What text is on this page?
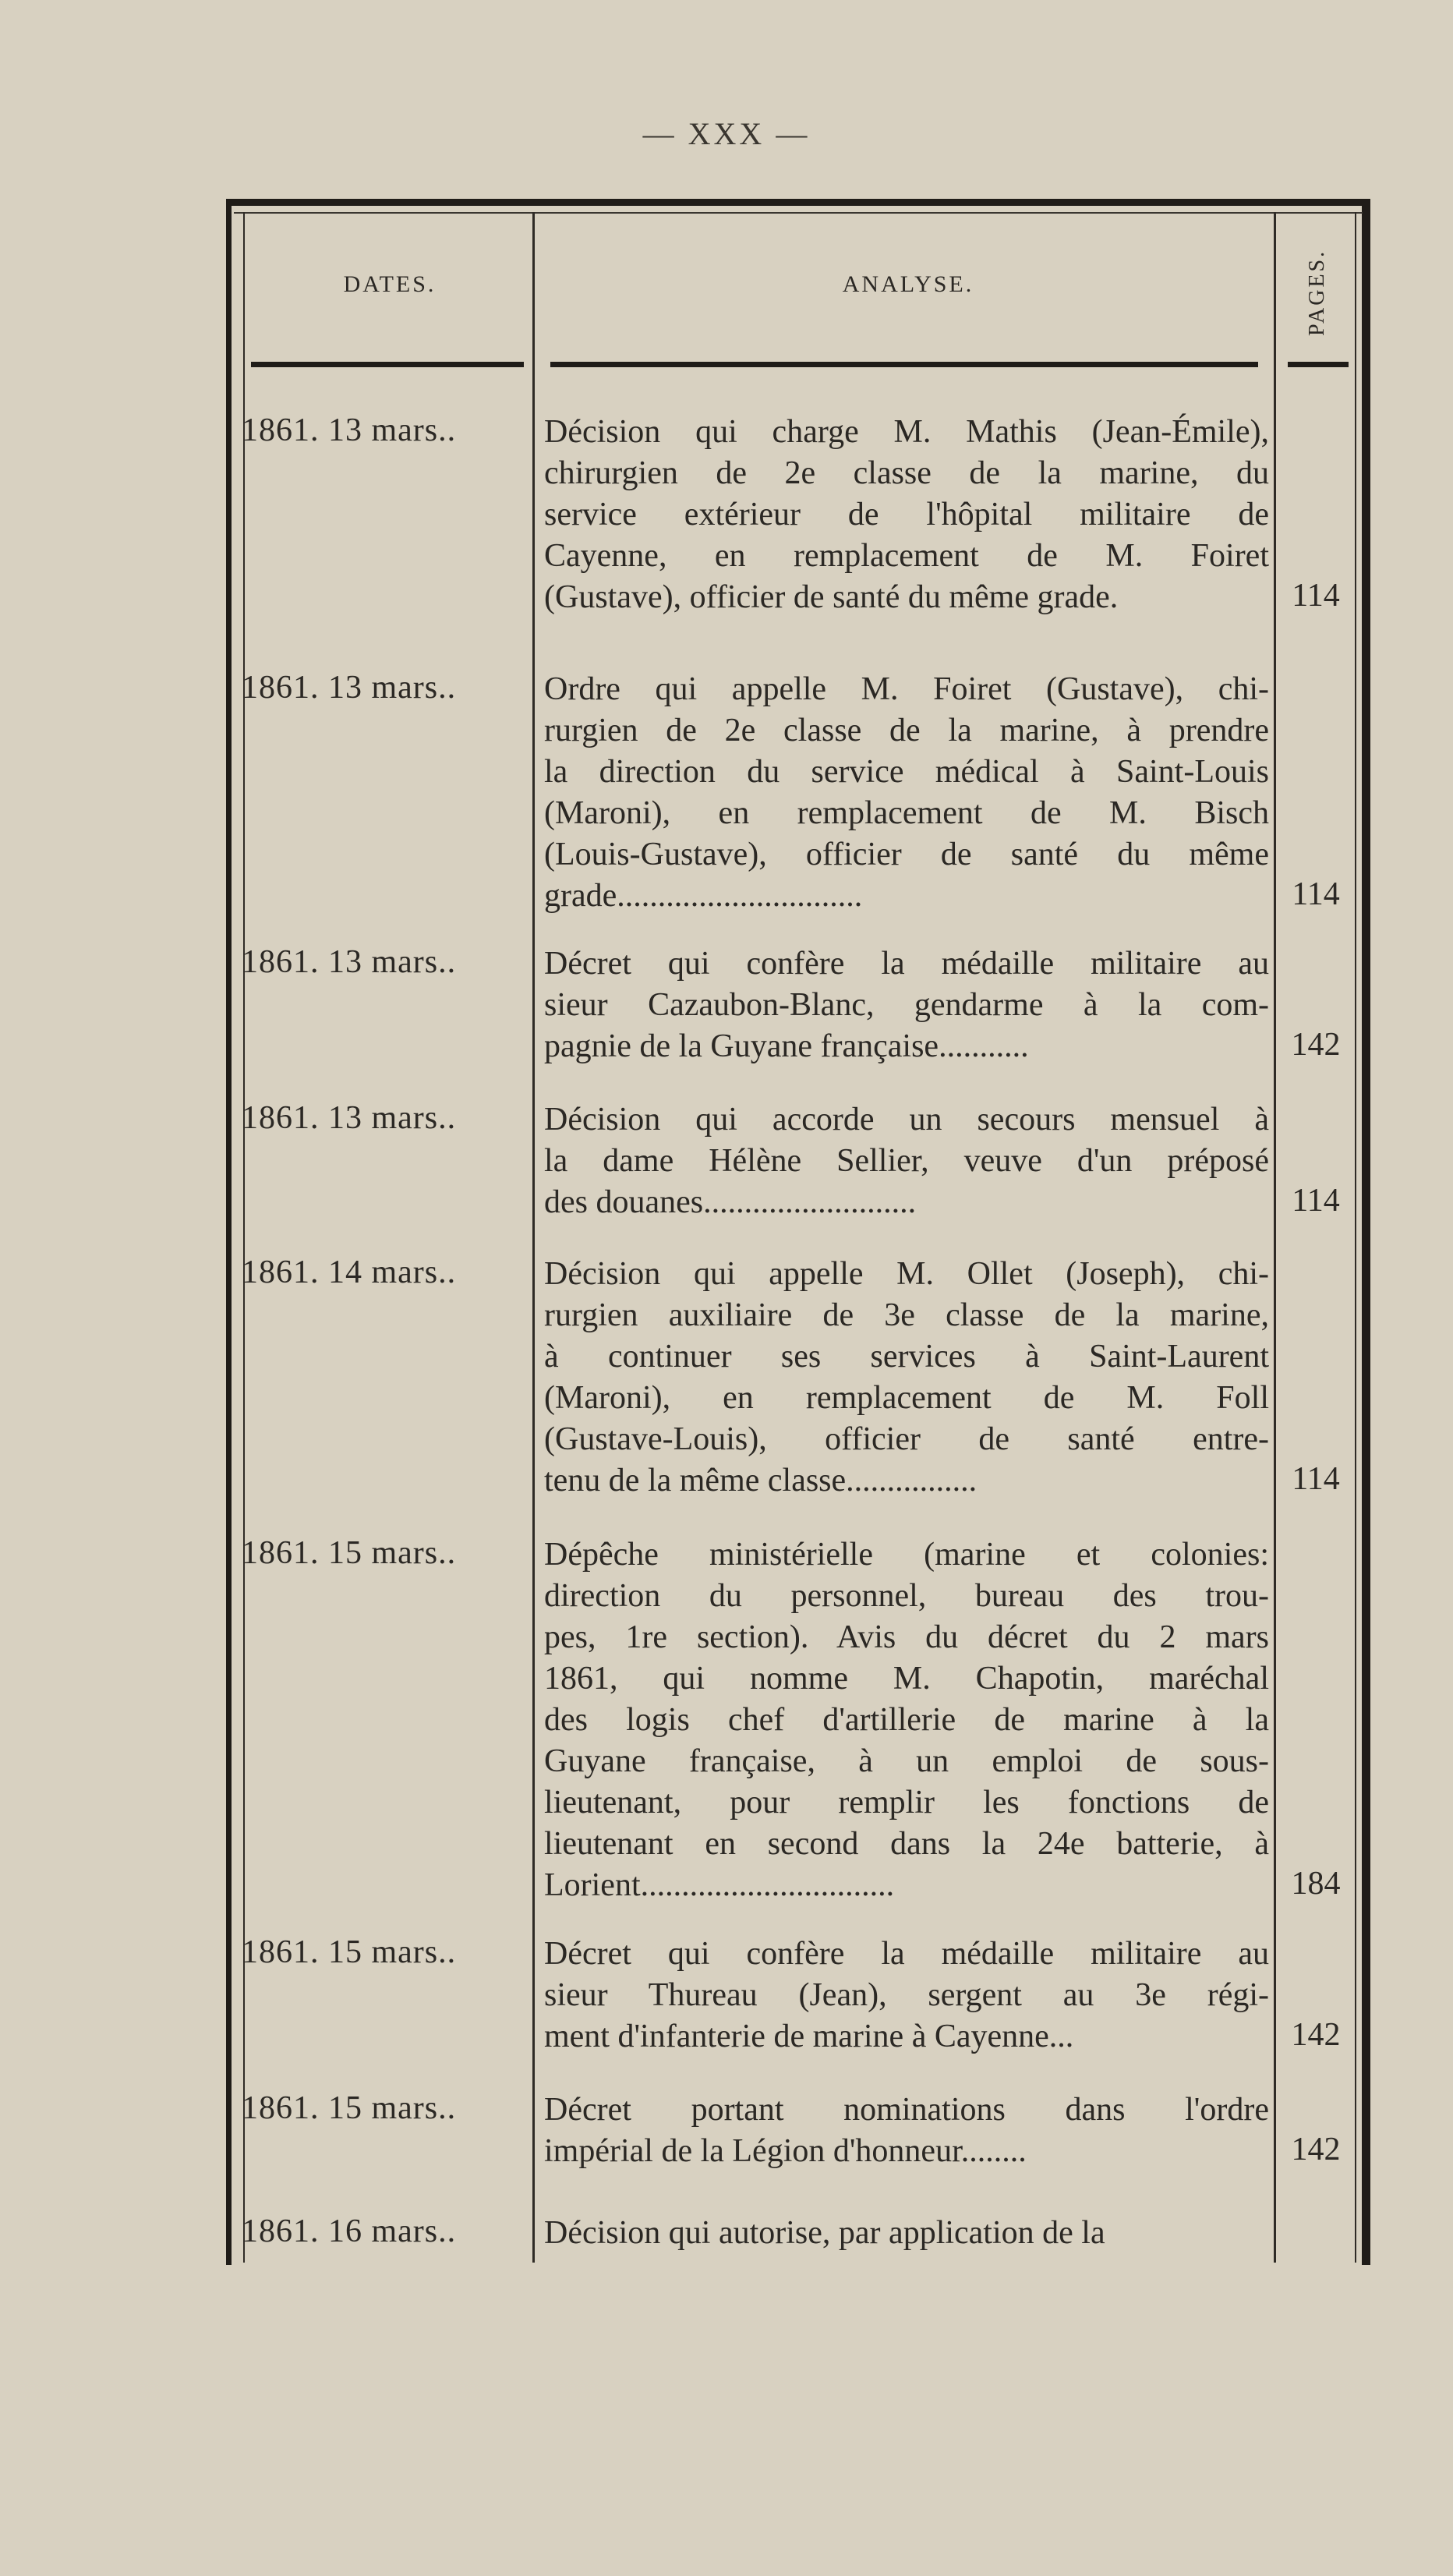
— XXX —
DATES.	ANALYSE.	PAGES.
1861. 13 mars..	Décision qui charge M. Mathis (Jean-Émile),
chirurgien de 2e classe de la marine, du
service extérieur de l'hôpital militaire de
Cayenne, en remplacement de M. Foiret
(Gustave), officier de santé du même grade.	114
1861. 13 mars..	Ordre qui appelle M. Foiret (Gustave), chi-
rurgien de 2e classe de la marine, à prendre
la direction du service médical à Saint-Louis
(Maroni), en remplacement de M. Bisch
(Louis-Gustave), officier de santé du même
grade..............................	114
1861. 13 mars..	Décret qui confère la médaille militaire au
sieur Cazaubon-Blanc, gendarme à la com-
pagnie de la Guyane française...........	142
1861. 13 mars..	Décision qui accorde un secours mensuel à
la dame Hélène Sellier, veuve d'un préposé
des douanes..........................	114
1861. 14 mars..	Décision qui appelle M. Ollet (Joseph), chi-
rurgien auxiliaire de 3e classe de la marine,
à continuer ses services à Saint-Laurent
(Maroni), en remplacement de M. Foll
(Gustave-Louis), officier de santé entre-
tenu de la même classe................	114
1861. 15 mars..	Dépêche ministérielle (marine et colonies:
direction du personnel, bureau des trou-
pes, 1re section). Avis du décret du 2 mars
1861, qui nomme M. Chapotin, maréchal
des logis chef d'artillerie de marine à la
Guyane française, à un emploi de sous-
lieutenant, pour remplir les fonctions de
lieutenant en second dans la 24e batterie, à
Lorient...............................	184
1861. 15 mars..	Décret qui confère la médaille militaire au
sieur Thureau (Jean), sergent au 3e régi-
ment d'infanterie de marine à Cayenne...	142
1861. 15 mars..	Décret portant nominations dans l'ordre
impérial de la Légion d'honneur........	142
1861. 16 mars..	Décision qui autorise, par application de la
